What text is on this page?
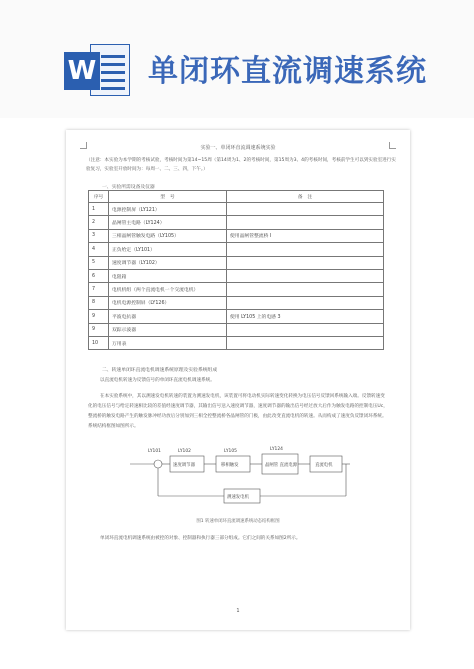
W 单闭环直流调速系统
实验一、单闭环直流调速系统实验
（注意：本实验为本学期的考核试验，考核时间为第14~15周（第14周为1、2的考核时间，第15周为3、4的考核时间，考核前学生可以到实验室进行实验复习，实验室开放时间为：每周一、二、三、四，下午。）
一、实验所需设备及仪器
序号	型　号	备　注
1	电源控制屏（LY121）	
2	晶闸管主电路（LY124）	
3	三相晶闸管触发电路（LY105）	使用晶闸管整流桥 I
4	正负给定（LY101）	
5	速度调节器（LY102）	
6	电阻箱	
7	电机机组（两个直流电机一个交流电机）	
8	电机电源控制屏（LY126）	
9	平波电抗器	使用 LY105 上的电感 3
9	双踪示波器	
10	万用表	
二、转速单闭环直流电机调速系统原理及实验系统组成
以直流电机转速为反馈信号的单闭环直流电机调速系统。
在本实验系统中，其以测速发电机转速的装置为测速发电机，该装置可将电动机实际转速变化转换为电压信号反馈回系统输入端。反馈转速变化的电压信号与给定转速相比较的差值经速度调节器，其输出信号送入速度调节器，速度调节器的输出信号经过放大后作为触发电路的控制电压Uc，整流桥的触发电路产生的触发脉冲经功放后分别加到三相全控整流桥各晶闸管的门极，由此改变直流电机的转速。从而构成了速度负反馈闭环系统。系统结构框图如图所示。
LY101	LY102	LY105	LY124
速度调节器	移相触发	晶闸管 直流电源	直流电机
测速发电机
图1 转速单闭环直流调速系统动态结构框图
单闭环直流电机调速系统由被控的对象、控制器和执行器三部分组成。它们之间的关系如图2所示。
1
